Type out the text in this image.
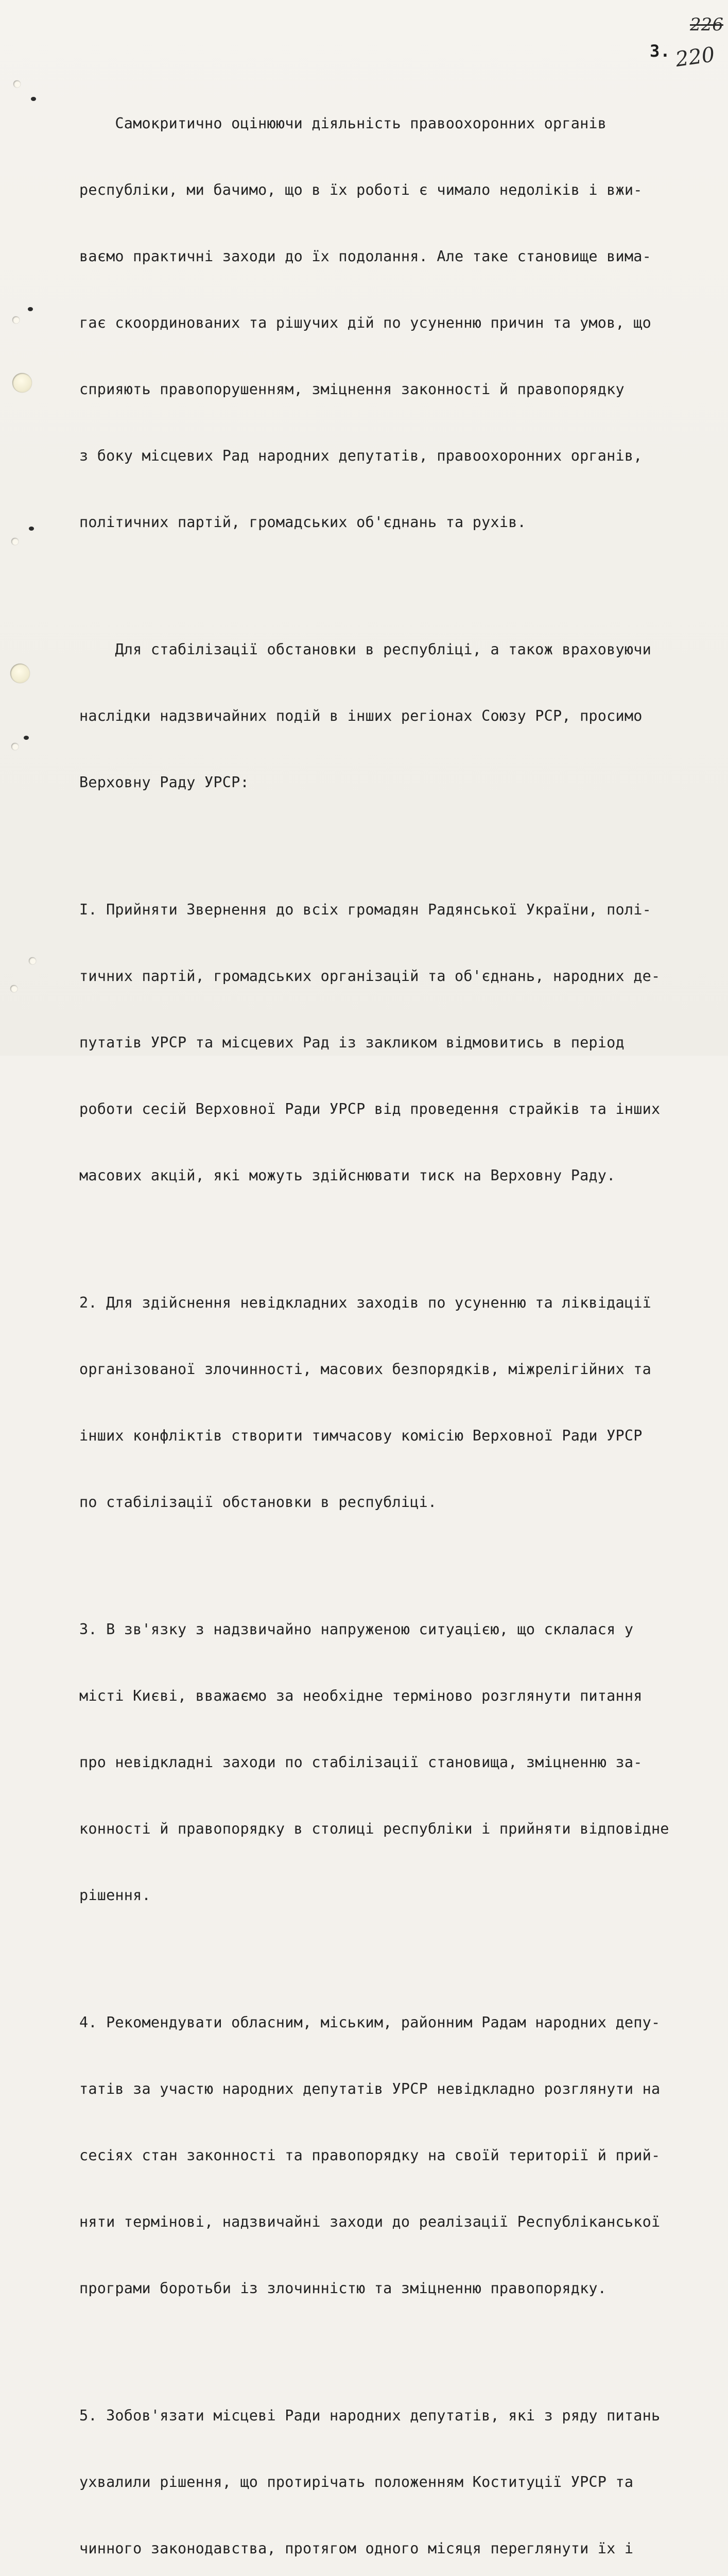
3.
226
220

Самокритично оцінюючи діяльність правоохоронних органів

республіки, ми бачимо, що в їх роботі є чимало недоліків і вжи-

ваємо практичні заходи до їх подолання. Але таке становище вима-

гає скоординованих та рішучих дій по усуненню причин та умов, що

сприяють правопорушенням, зміцнення законності й правопорядку

з боку місцевих Рад народних депутатів, правоохоронних органів,

політичних партій, громадських об'єднань та рухів.

Для стабілізації обстановки в республіці, а також враховуючи

наслідки надзвичайних подій в інших регіонах Союзу РСР, просимо

Верховну Раду УРСР:

І. Прийняти Звернення до всіх громадян Радянської України, полі-

тичних партій, громадських організацій та об'єднань, народних де-

путатів УРСР та місцевих Рад із закликом відмовитись в період

роботи сесій Верховної Ради УРСР від проведення страйків та інших

масових акцій, які можуть здійснювати тиск на Верховну Раду.

2. Для здійснення невідкладних заходів по усуненню та ліквідації

організованої злочинності, масових безпорядків, міжрелігійних та

інших конфліктів створити тимчасову комісію Верховної Ради УРСР

по стабілізації обстановки в республіці.

3. В зв'язку з надзвичайно напруженою ситуацією, що склалася у

місті Києві, вважаємо за необхідне терміново розглянути питання

про невідкладні заходи по стабілізації становища, зміцненню за-

конності й правопорядку в столиці республіки і прийняти відповідне

рішення.

4. Рекомендувати обласним, міським, районним Радам народних депу-

татів за участю народних депутатів УРСР невідкладно розглянути на

сесіях стан законності та правопорядку на своїй території й прий-

няти термінові, надзвичайні заходи до реалізації Республіканської

програми боротьби із злочинністю та зміцненню правопорядку.

5. Зобов'язати місцеві Ради народних депутатів, які з ряду питань

ухвалили рішення, що протирічать положенням Коституції УРСР та

чинного законодавства, протягом одного місяця переглянути їх і
